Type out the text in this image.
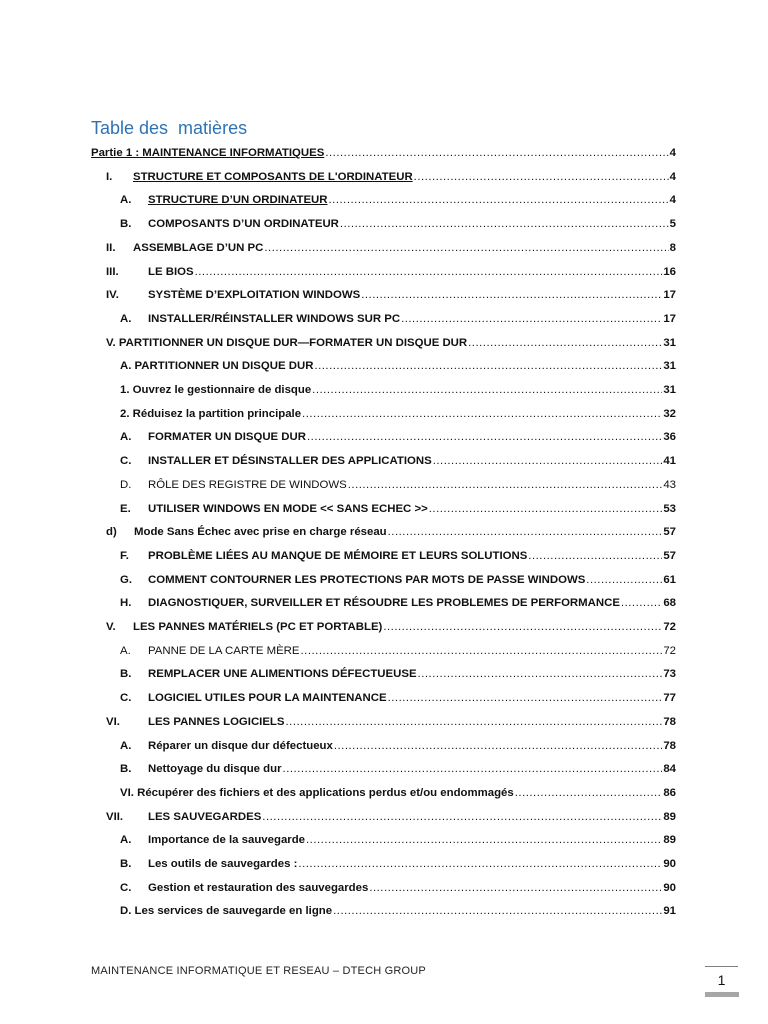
Table des  matières
Partie 1 : MAINTENANCE INFORMATIQUES .....	4
I.	STRUCTURE ET COMPOSANTS DE L'ORDINATEUR .....	4
A.	STRUCTURE D’UN ORDINATEUR .....	4
B.	COMPOSANTS D’UN ORDINATEUR .....	5
II.	ASSEMBLAGE D’UN PC .....	8
III.	LE BIOS .....	16
IV.	SYSTÈME D’EXPLOITATION WINDOWS .....	17
A.	INSTALLER/RÉINSTALLER WINDOWS SUR PC .....	17
V. PARTITIONNER UN DISQUE DUR—FORMATER UN DISQUE DUR .....	31
A. PARTITIONNER UN DISQUE DUR .....	31
1. Ouvrez le gestionnaire de disque .....	31
2. Réduisez la partition principale .....	32
A.	FORMATER UN DISQUE DUR .....	36
C.	INSTALLER ET DÉSINSTALLER DES APPLICATIONS .....	41
D.	RÔLE DES REGISTRE DE WINDOWS .....	43
E.	UTILISER WINDOWS EN MODE << SANS ECHEC >> .....	53
d)	Mode Sans Échec avec prise en charge réseau .....	57
F.	PROBLÈME LIÉES AU MANQUE DE MÉMOIRE ET LEURS SOLUTIONS .....	57
G.	COMMENT CONTOURNER LES PROTECTIONS PAR MOTS DE PASSE WINDOWS .....	61
H.	DIAGNOSTIQUER, SURVEILLER ET RÉSOUDRE LES PROBLEMES DE PERFORMANCE .....	68
V.	LES PANNES MATÉRIELS (PC ET PORTABLE) .....	72
A.	PANNE DE LA CARTE MÈRE .....	72
B.	REMPLACER UNE ALIMENTIONS DÉFECTUEUSE .....	73
C.	LOGICIEL UTILES POUR LA MAINTENANCE .....	77
VI.	LES PANNES LOGICIELS .....	78
A.	Réparer un disque dur défectueux .....	78
B.	Nettoyage du disque dur .....	84
VI. Récupérer des fichiers et des applications perdus et/ou endommagés .....	86
VII.	LES SAUVEGARDES .....	89
A.	Importance de la sauvegarde .....	89
B.	Les outils de sauvegardes : .....	90
C.	Gestion et restauration des sauvegardes .....	90
D. Les services de sauvegarde en ligne .....	91
MAINTENANCE INFORMATIQUE ET RESEAU – DTECH GROUP
1
